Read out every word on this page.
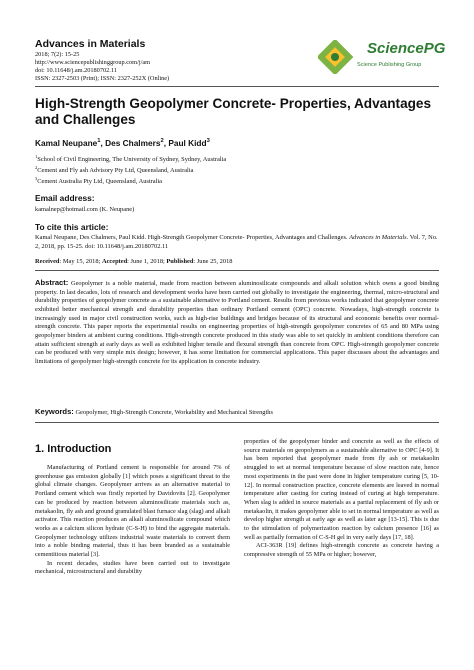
Advances in Materials
2018; 7(2): 15-25
http://www.sciencepublishinggroup.com/j/am
doi: 10.11648/j.am.20180702.11
ISSN: 2327-2503 (Print); ISSN: 2327-252X (Online)
SciencePG
Science Publishing Group
High-Strength Geopolymer Concrete- Properties, Advantages and Challenges
Kamal Neupane$^1$, Des Chalmers$^2$, Paul Kidd$^3$
$^1$School of Civil Engineering, The University of Sydney, Sydney, Australia
$^2$Cement and Fly ash Advisory Pty Ltd, Queensland, Australia
$^3$Cement Australia Pty Ltd, Queensland, Australia
Email address:
kamalnep@hotmail.com (K. Neupane)
To cite this article:
Kamal Neupane, Des Chalmers, Paul Kidd. High-Strength Geopolymer Concrete- Properties, Advantages and Challenges. Advances in Materials. Vol. 7, No. 2, 2018, pp. 15-25. doi: 10.11648/j.am.20180702.11
Received: May 15, 2018; Accepted: June 1, 2018; Published: June 25, 2018
Abstract: Geopolymer is a noble material, made from reaction between aluminosilicate compounds and alkali solution which owns a good binding property. In last decades, lots of research and development works have been carried out globally to investigate the engineering, thermal, micro-structural and durability properties of geopolymer concrete as a sustainable alternative to Portland cement. Results from previous works indicated that geopolymer concrete exhibited better mechanical strength and durability properties than ordinary Portland cement (OPC) concrete. Nowadays, high-strength concrete is increasingly used in major civil construction works, such as high-rise buildings and bridges because of its structural and economic benefits over normal-strength concrete. This paper reports the experimental results on engineering properties of high-strength geopolymer concretes of 65 and 80 MPa using geopolymer binders at ambient curing conditions. High-strength concrete produced in this study was able to set quickly in ambient conditions therefore can attain sufficient strength at early days as well as exhibited higher tensile and flexural strength than concrete from OPC. High-strength geopolymer concrete can be produced with very simple mix design; however, it has some limitation for commercial applications. This paper discusses about the advantages and limitations of geopolymer high-strength concrete for its application in concrete industry.
Keywords: Geopolymer, High-Strength Concrete, Workability and Mechanical Strengths
1. Introduction

Manufacturing of Portland cement is responsible for around 7% of greenhouse gas emission globally [1] which poses a significant threat to the global climate changes. Geopolymer arrives as an alternative material to Portland cement which was firstly reported by Davidovits [2]. Geopolymer can be produced by reaction between aluminosilicate materials such as, metakaolin, fly ash and ground granulated blast furnace slag (slag) and alkali activator. This reaction produces an alkali aluminosilicate compound which works as a calcium silicon hydrate (C-S-H) to bind the aggregate materials. Geopolymer technology utilizes industrial waste materials to convert them into a noble binding material, thus it has been branded as a sustainable cementitious material [3].

In recent decades, studies have been carried out to investigate mechanical, microstructural and durability

properties of the geopolymer binder and concrete as well as the effects of source materials on geopolymers as a sustainable alternative to OPC [4-9]. It has been reported that geopolymer made from fly ash or metakaolin struggled to set at normal temperature because of slow reaction rate, hence most experiments in the past were done in higher temperature curing [5, 10-12]. In normal construction practice, concrete elements are leaved in normal temperature after casting for curing instead of curing at high temperature. When slag is added in source materials as a partial replacement of fly ash or metakaolin, it makes geopolymer able to set in normal temperature as well as develop higher strength at early age as well as later age [13-15]. This is due to the stimulation of polymerization reaction by calcium presence [16] as well as partially formation of C-S-H gel in very early days [17, 18].

ACI-363R [19] defines high-strength concrete as concrete having a compressive strength of 55 MPa or higher; however,
